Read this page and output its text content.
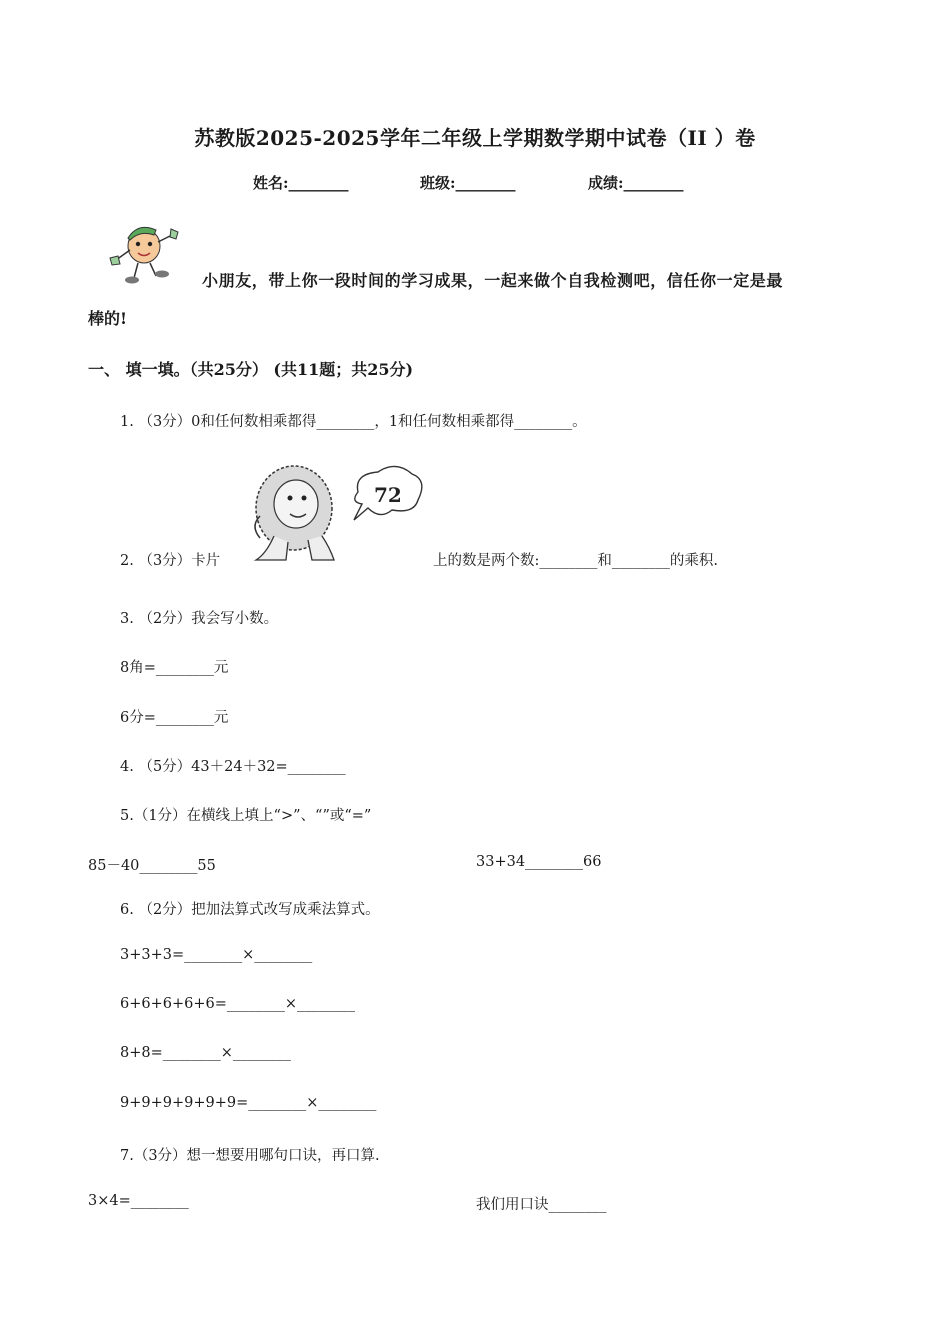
苏教版2025-2025学年二年级上学期数学期中试卷（II ）卷
姓名:________	班级:________	成绩:________
小朋友，带上你一段时间的学习成果，一起来做个自我检测吧，信任你一定是最
棒的!
一、 填一填。（共25分） (共11题；共25分)
1. （3分）0和任何数相乘都得________，1和任何数相乘都得________。
72
2. （3分）卡片	上的数是两个数:________和________的乘积.
3. （2分）我会写小数。
8角=________元
6分=________元
4. （5分）43＋24＋32=________
5.（1分）在横线上填上“>”、“”或“=”
85－40________55	33+34________66
6. （2分）把加法算式改写成乘法算式。
3+3+3=________×________
6+6+6+6+6=________×________
8+8=________×________
9+9+9+9+9+9=________×________
7.（3分）想一想要用哪句口诀，再口算.
3×4=________	我们用口诀________
